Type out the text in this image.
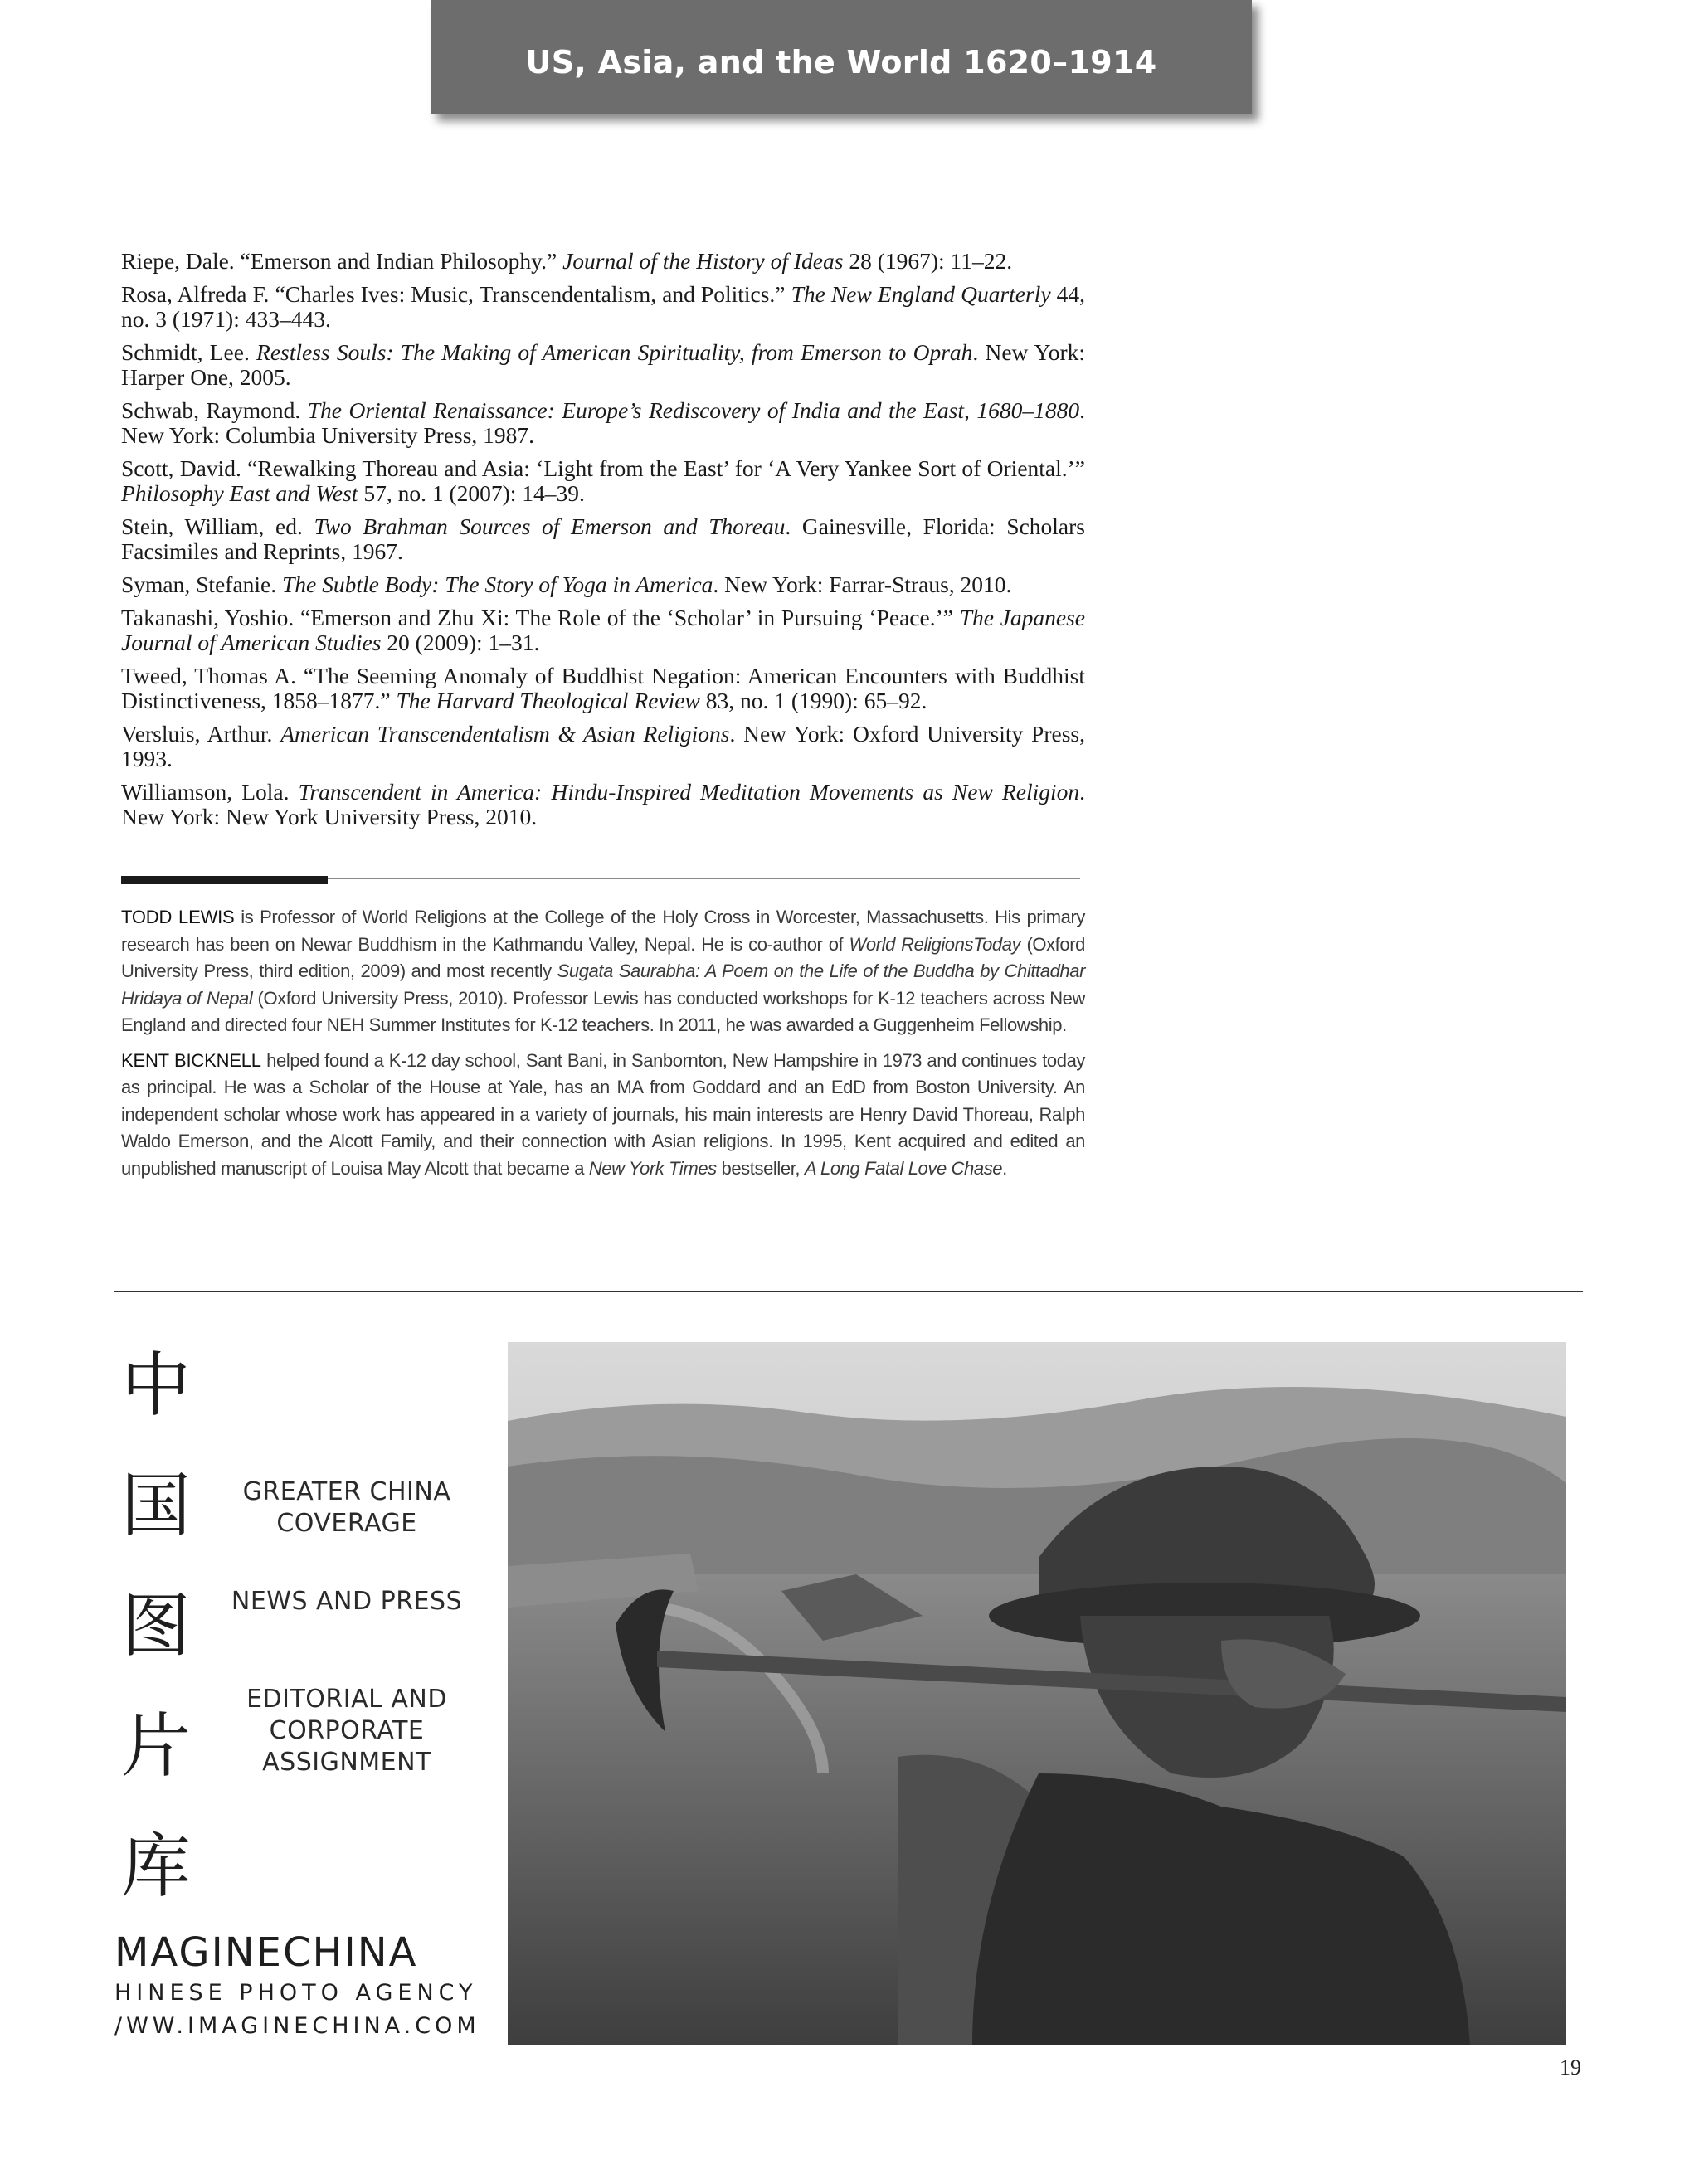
US, Asia, and the World 1620–1914

Riepe, Dale. “Emerson and Indian Philosophy.” Journal of the History of Ideas 28 (1967): 11–22.

Rosa, Alfreda F. “Charles Ives: Music, Transcendentalism, and Politics.” The New England Quarterly 44, no. 3 (1971): 433–443.

Schmidt, Lee. Restless Souls: The Making of American Spirituality, from Emerson to Oprah. New York: Harper One, 2005.

Schwab, Raymond. The Oriental Renaissance: Europe’s Rediscovery of India and the East, 1680–1880. New York: Columbia University Press, 1987.

Scott, David. “Rewalking Thoreau and Asia: ‘Light from the East’ for ‘A Very Yankee Sort of Oriental.’” Philosophy East and West 57, no. 1 (2007): 14–39.

Stein, William, ed. Two Brahman Sources of Emerson and Thoreau. Gainesville, Florida: Scholars Facsimiles and Reprints, 1967.

Syman, Stefanie. The Subtle Body: The Story of Yoga in America. New York: Farrar-Straus, 2010.

Takanashi, Yoshio. “Emerson and Zhu Xi: The Role of the ‘Scholar’ in Pursuing ‘Peace.’” The Japanese Journal of American Studies 20 (2009): 1–31.

Tweed, Thomas A. “The Seeming Anomaly of Buddhist Negation: American Encounters with Buddhist Distinctiveness, 1858–1877.” The Harvard Theological Review 83, no. 1 (1990): 65–92.

Versluis, Arthur. American Transcendentalism & Asian Religions. New York: Oxford University Press, 1993.

Williamson, Lola. Transcendent in America: Hindu-Inspired Meditation Movements as New Religion. New York: New York University Press, 2010.

TODD LEWIS is Professor of World Religions at the College of the Holy Cross in Worcester, Massachusetts. His primary research has been on Newar Buddhism in the Kathmandu Valley, Nepal. He is co-author of World ReligionsToday (Oxford University Press, third edition, 2009) and most recently Sugata Saurabha: A Poem on the Life of the Buddha by Chittadhar Hridaya of Nepal (Oxford University Press, 2010). Professor Lewis has conducted workshops for K-12 teachers across New England and directed four NEH Summer Institutes for K-12 teachers. In 2011, he was awarded a Guggenheim Fellowship.

KENT BICKNELL helped found a K-12 day school, Sant Bani, in Sanbornton, New Hampshire in 1973 and continues today as principal. He was a Scholar of the House at Yale, has an MA from Goddard and an EdD from Boston University. An independent scholar whose work has appeared in a variety of journals, his main interests are Henry David Thoreau, Ralph Waldo Emerson, and the Alcott Family, and their connection with Asian religions. In 1995, Kent acquired and edited an unpublished manuscript of Louisa May Alcott that became a New York Times bestseller, A Long Fatal Love Chase.

中
国
图
片
库
GREATER CHINA
COVERAGE
NEWS AND PRESS
EDITORIAL AND
CORPORATE
ASSIGNMENT
MAGINECHINA
HINESE PHOTO AGENCY
/WW.IMAGINECHINA.COM
19
